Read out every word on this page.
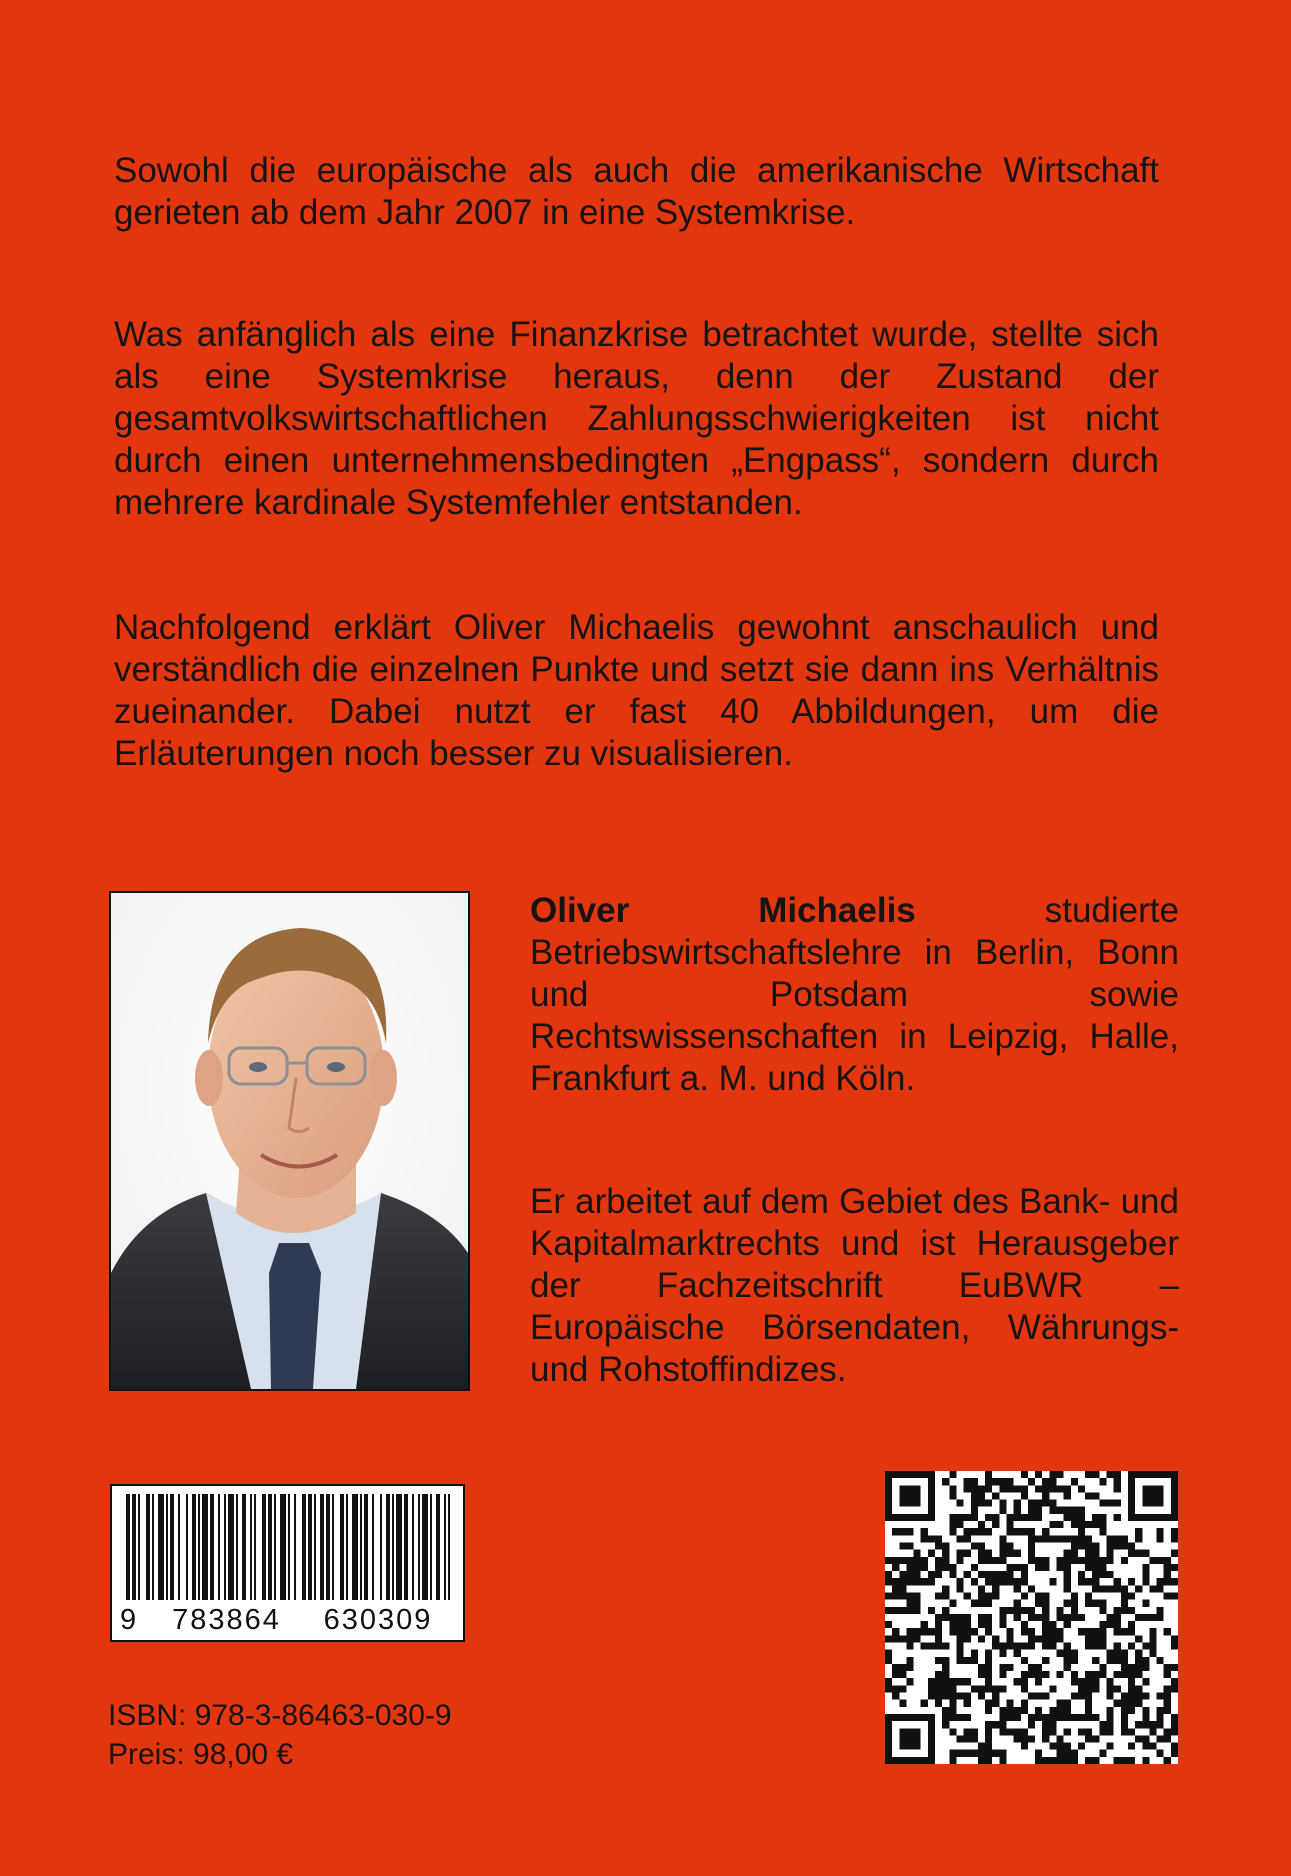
Sowohl die europäische als auch die amerikanische Wirtschaft gerieten ab dem Jahr 2007 in eine Systemkrise.

Was anfänglich als eine Finanzkrise betrachtet wurde, stellte sich als eine Systemkrise heraus, denn der Zustand der gesamtvolkswirtschaftlichen Zahlungsschwierigkeiten ist nicht durch einen unternehmensbedingten „Engpass“, sondern durch mehrere kardinale Systemfehler entstanden.

Nachfolgend erklärt Oliver Michaelis gewohnt anschaulich und verständlich die einzelnen Punkte und setzt sie dann ins Verhältnis zueinander. Dabei nutzt er fast 40 Abbildungen, um die Erläuterungen noch besser zu visualisieren.

Oliver Michaelis	studierte Betriebswirtschaftslehre in Berlin, Bonn und Potsdam sowie Rechtswissenschaften in Leipzig, Halle, Frankfurt a. M. und Köln.

Er arbeitet auf dem Gebiet des Bank- und Kapitalmarktrechts und ist Herausgeber der Fachzeitschrift EuBWR – Europäische Börsendaten, Währungs- und Rohstoffindizes.

9 783864 630309
ISBN: 978-3-86463-030-9
Preis: 98,00 €
